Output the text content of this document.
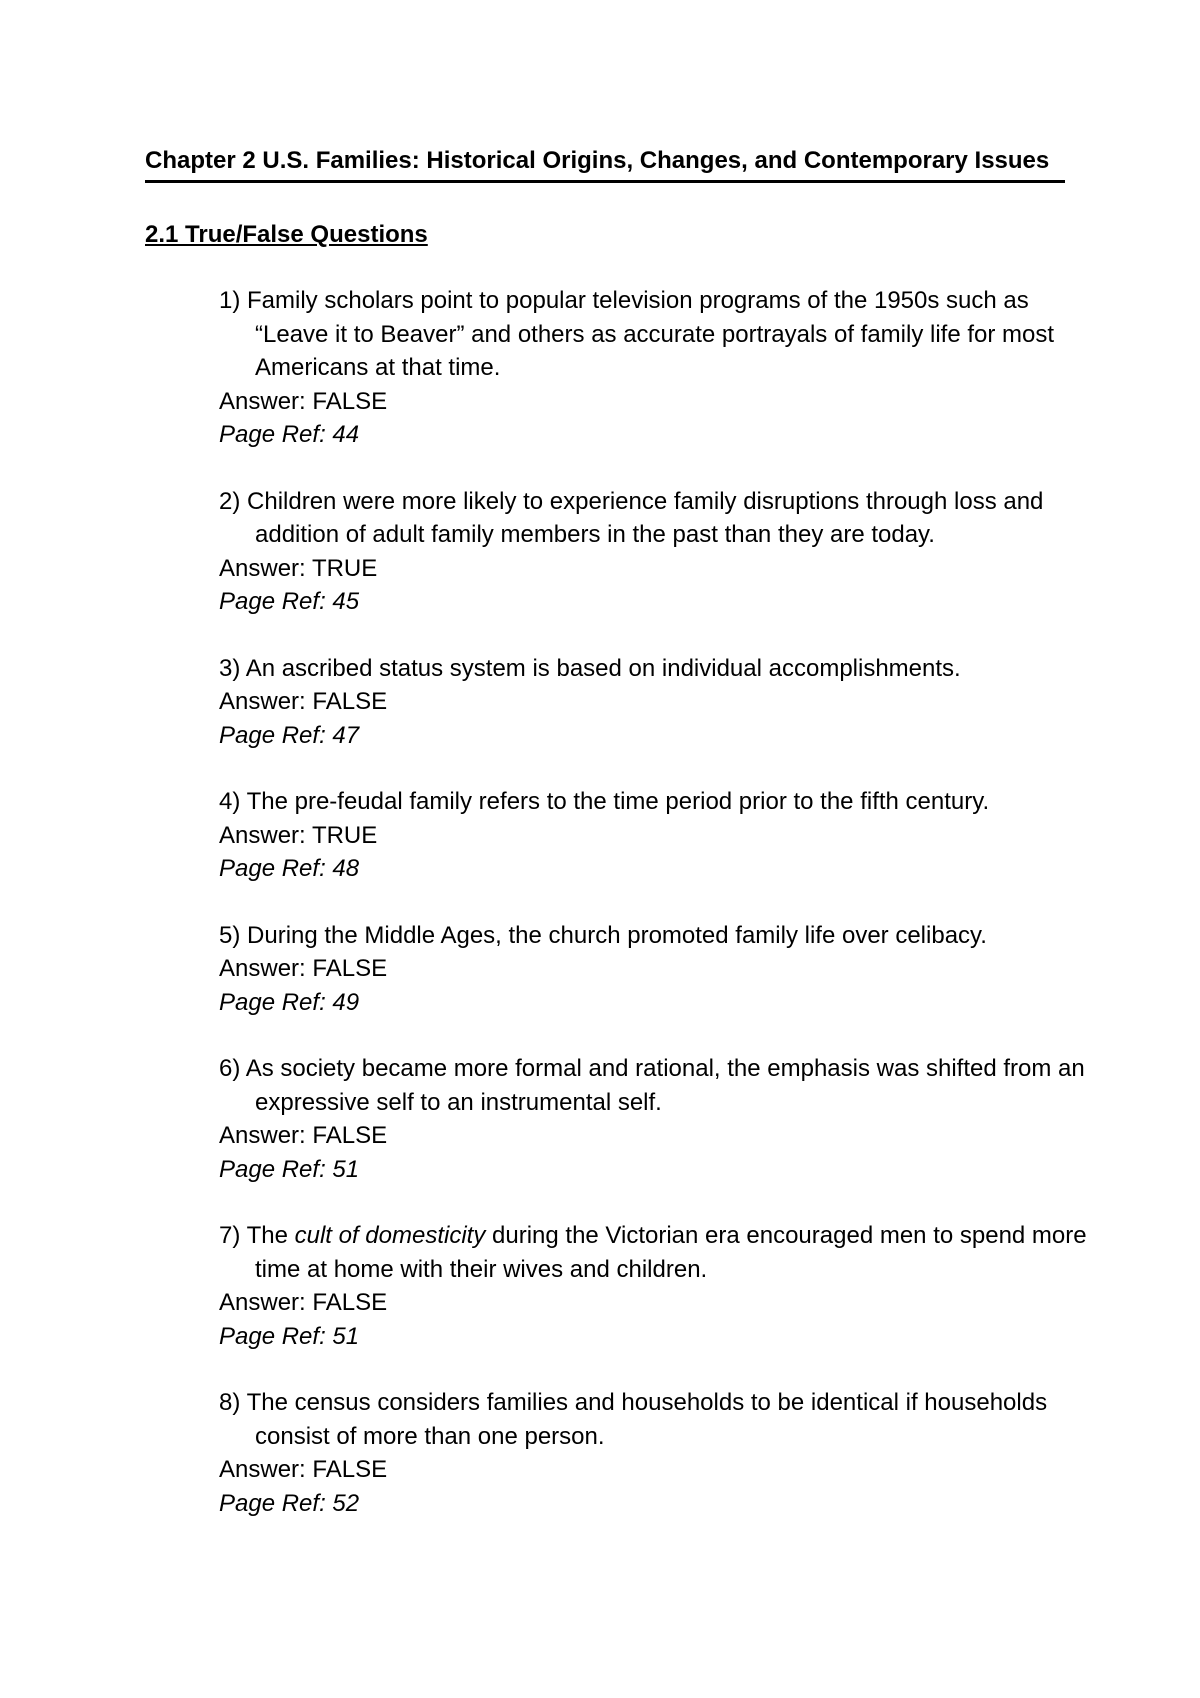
Chapter 2 U.S. Families: Historical Origins, Changes, and Contemporary Issues
2.1 True/False Questions
1) Family scholars point to popular television programs of the 1950s such as “Leave it to Beaver” and others as accurate portrayals of family life for most Americans at that time.
Answer: FALSE
Page Ref: 44
2) Children were more likely to experience family disruptions through loss and addition of adult family members in the past than they are today.
Answer: TRUE
Page Ref: 45
3) An ascribed status system is based on individual accomplishments.
Answer: FALSE
Page Ref: 47
4) The pre-feudal family refers to the time period prior to the fifth century.
Answer: TRUE
Page Ref: 48
5) During the Middle Ages, the church promoted family life over celibacy.
Answer: FALSE
Page Ref: 49
6) As society became more formal and rational, the emphasis was shifted from an expressive self to an instrumental self.
Answer: FALSE
Page Ref: 51
7) The cult of domesticity during the Victorian era encouraged men to spend more time at home with their wives and children.
Answer: FALSE
Page Ref: 51
8) The census considers families and households to be identical if households consist of more than one person.
Answer: FALSE
Page Ref: 52
